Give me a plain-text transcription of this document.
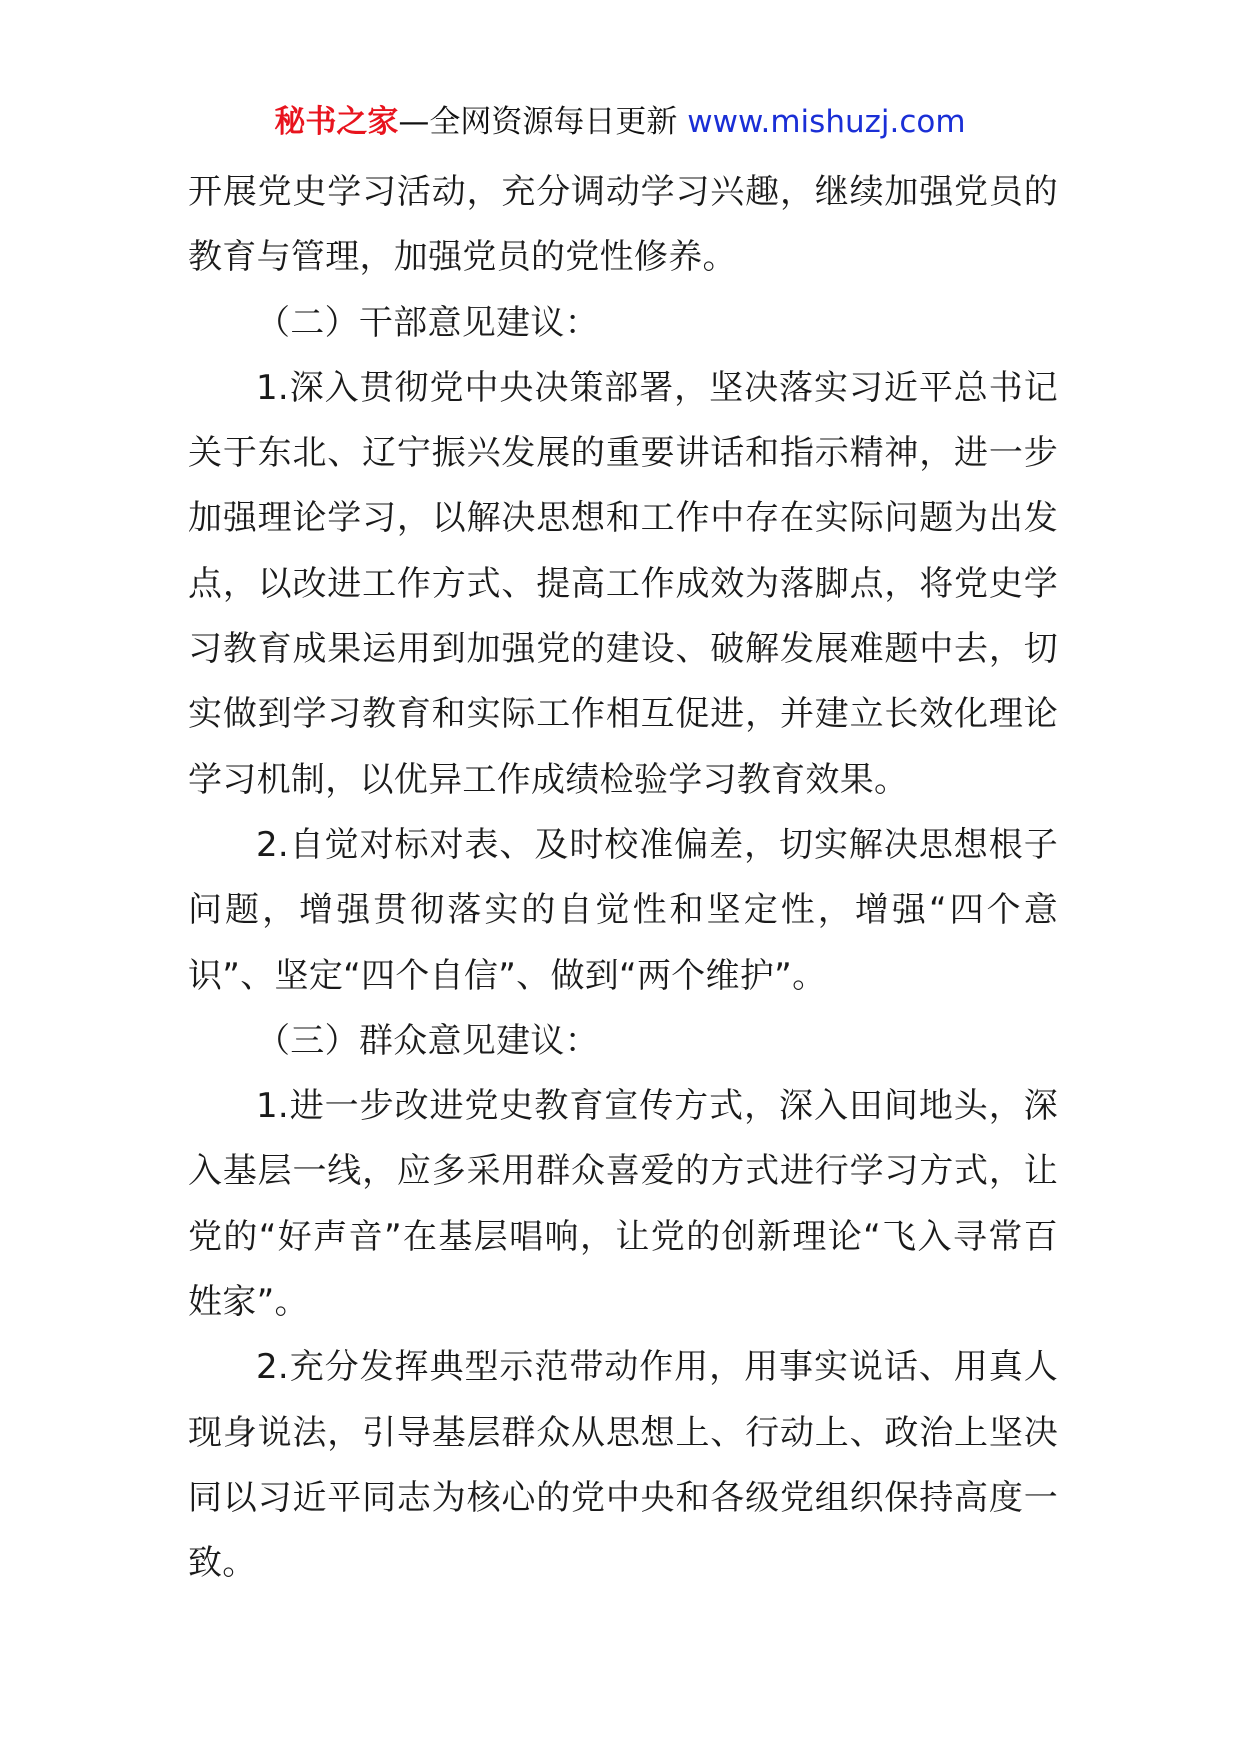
秘书之家—全网资源每日更新 www.mishuzj.com

开展党史学习活动，充分调动学习兴趣，继续加强党员的教育与管理，加强党员的党性修养。

（二）干部意见建议：

1.深入贯彻党中央决策部署，坚决落实习近平总书记关于东北、辽宁振兴发展的重要讲话和指示精神，进一步加强理论学习，以解决思想和工作中存在实际问题为出发点，以改进工作方式、提高工作成效为落脚点，将党史学习教育成果运用到加强党的建设、破解发展难题中去，切实做到学习教育和实际工作相互促进，并建立长效化理论学习机制，以优异工作成绩检验学习教育效果。

2.自觉对标对表、及时校准偏差，切实解决思想根子问题，增强贯彻落实的自觉性和坚定性，增强“四个意识”、坚定“四个自信”、做到“两个维护”。

（三）群众意见建议：

1.进一步改进党史教育宣传方式，深入田间地头，深入基层一线，应多采用群众喜爱的方式进行学习方式，让党的“好声音”在基层唱响，让党的创新理论“飞入寻常百姓家”。

2.充分发挥典型示范带动作用，用事实说话、用真人现身说法，引导基层群众从思想上、行动上、政治上坚决同以习近平同志为核心的党中央和各级党组织保持高度一致。
